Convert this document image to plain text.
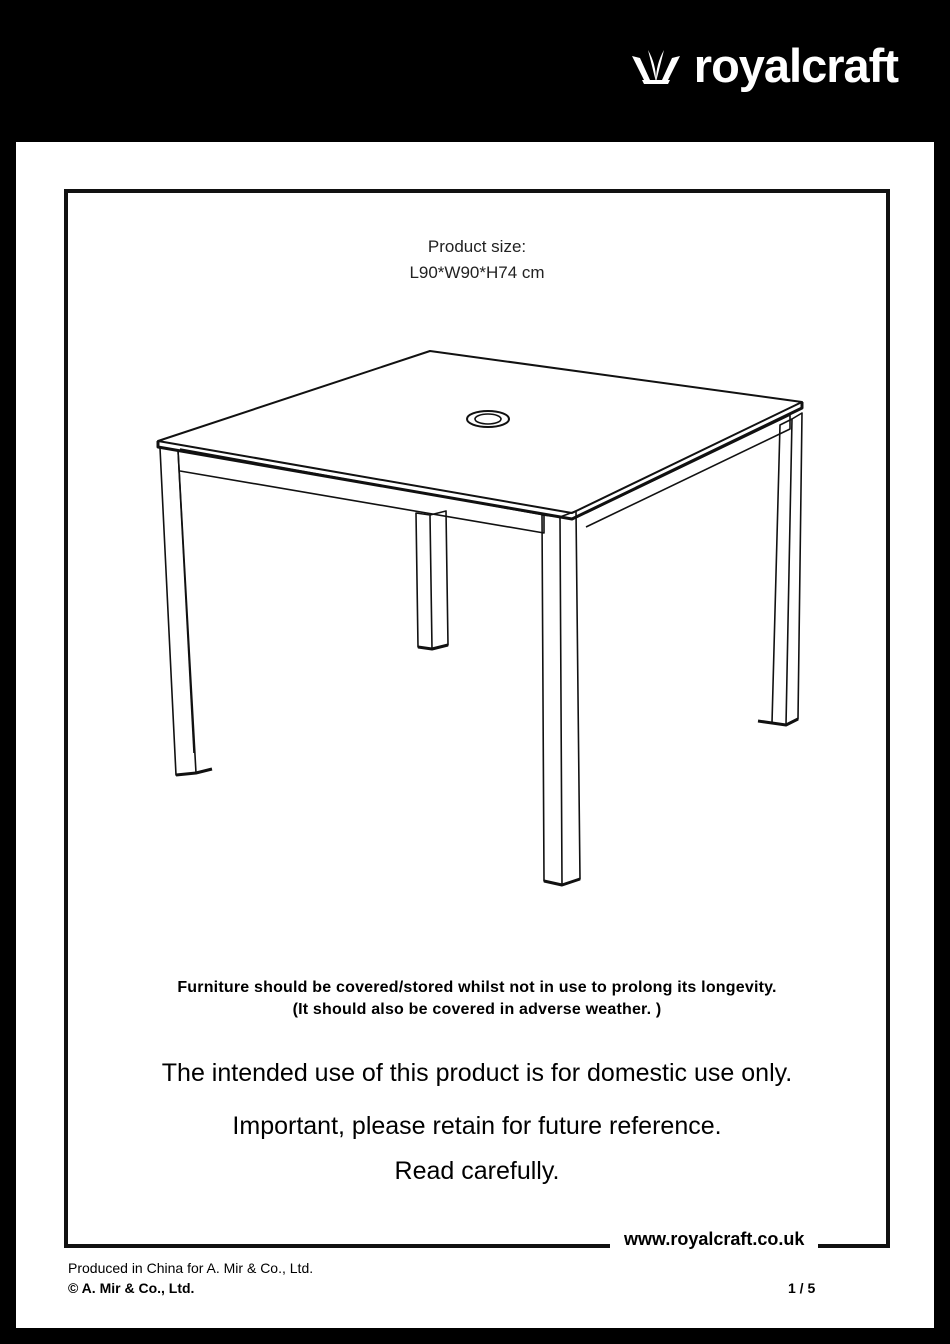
royalcraft
Product size:
L90*W90*H74 cm
Furniture should be covered/stored whilst not in use to prolong its longevity.
(It should also be covered in adverse weather. )
The intended use of this product is for domestic use only.
Important, please retain for future reference.
Read carefully.
www.royalcraft.co.uk
Produced in China for A. Mir & Co., Ltd.
© A. Mir & Co., Ltd.	1 / 5
